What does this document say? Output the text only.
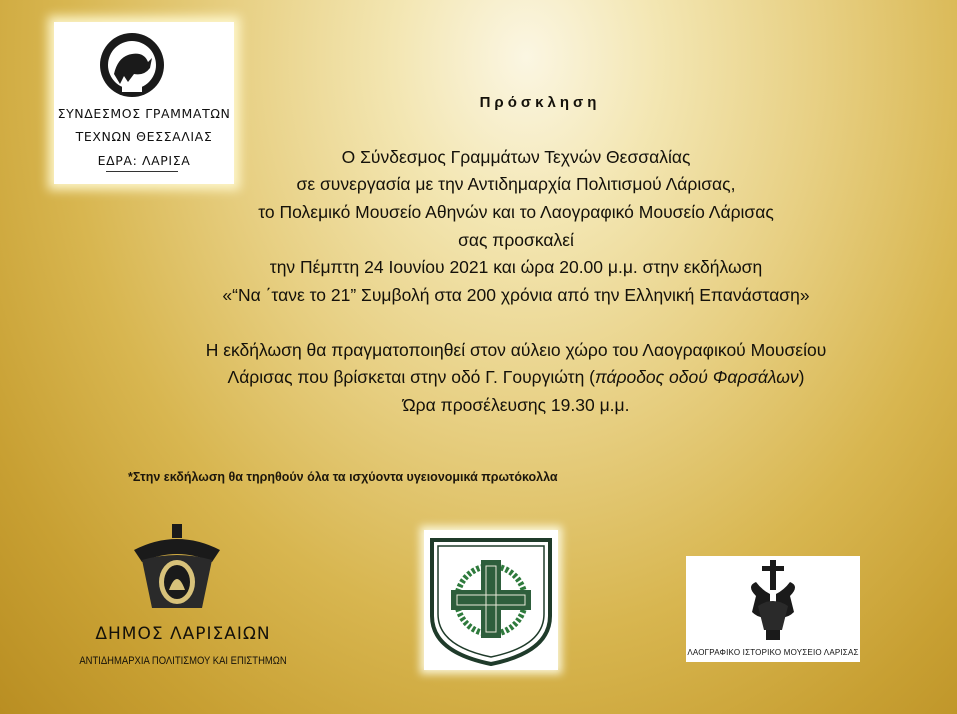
ΣΥΝΔΕΣΜΟΣ ΓΡΑΜΜΑΤΩΝ
ΤΕΧΝΩΝ ΘΕΣΣΑΛΙΑΣ
ΕΔΡΑ: ΛΑΡΙΣΑ
Πρόσκληση
Ο Σύνδεσμος Γραμμάτων Τεχνών Θεσσαλίας
σε συνεργασία με την Αντιδημαρχία Πολιτισμού Λάρισας,
το Πολεμικό Μουσείο Αθηνών και το Λαογραφικό Μουσείο Λάρισας
σας προσκαλεί
την Πέμπτη 24 Ιουνίου 2021 και ώρα 20.00 μ.μ. στην εκδήλωση
«“Να ΄τανε το 21” Συμβολή στα 200 χρόνια από την Ελληνική Επανάσταση»
Η εκδήλωση θα πραγματοποιηθεί στον αύλειο χώρο του Λαογραφικού Μουσείου
Λάρισας που βρίσκεται στην οδό Γ. Γουργιώτη (πάροδος οδού Φαρσάλων)
Ώρα προσέλευσης 19.30 μ.μ.
*Στην εκδήλωση θα τηρηθούν όλα τα ισχύοντα υγειονομικά πρωτόκολλα
ΔΗΜΟΣ ΛΑΡΙΣΑΙΩΝ
ΑΝΤΙΔΗΜΑΡΧΙΑ ΠΟΛΙΤΙΣΜΟΥ ΚΑΙ ΕΠΙΣΤΗΜΩΝ
ΛΑΟΓΡΑΦΙΚΟ ΙΣΤΟΡΙΚΟ ΜΟΥΣΕΙΟ ΛΑΡΙΣΑΣ
